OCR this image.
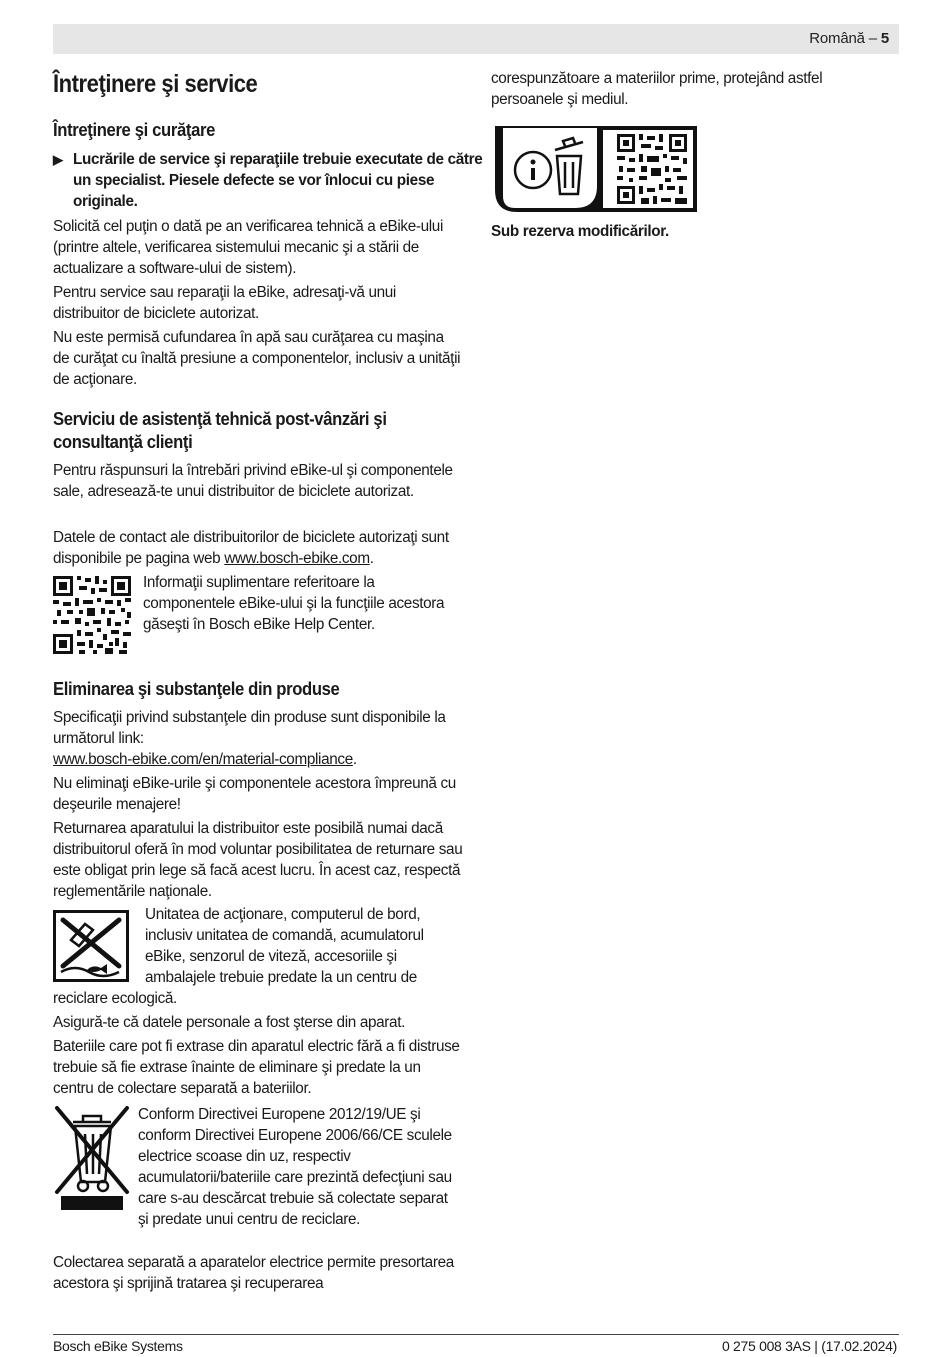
Română – 5
Întreţinere şi service
Întreţinere şi curăţare
▶ Lucrările de service şi reparaţiile trebuie executate de către un specialist. Piesele defecte se vor înlocui cu piese originale.

Solicită cel puţin o dată pe an verificarea tehnică a eBike-ului (printre altele, verificarea sistemului mecanic şi a stării de actualizare a software-ului de sistem).

Pentru service sau reparaţii la eBike, adresaţi-vă unui distribuitor de biciclete autorizat.

Nu este permisă cufundarea în apă sau curăţarea cu maşina de curăţat cu înaltă presiune a componentelor, inclusiv a unităţii de acţionare.

Serviciu de asistenţă tehnică post-vânzări şi
consultanţă clienţi

Pentru răspunsuri la întrebări privind eBike-ul şi componentele sale, adresează-te unui distribuitor de biciclete autorizat.

Datele de contact ale distribuitorilor de biciclete autorizaţi sunt disponibile pe pagina web www.bosch-ebike.com.

Informaţii suplimentare referitoare la componentele eBike-ului şi la funcţiile acestora găseşti în Bosch eBike Help Center.

Eliminarea şi substanţele din produse

Specificaţii privind substanţele din produse sunt disponibile la următorul link:
www.bosch-ebike.com/en/material-compliance.

Nu eliminaţi eBike-urile şi componentele acestora împreună cu deşeurile menajere!

Returnarea aparatului la distribuitor este posibilă numai dacă distribuitorul oferă în mod voluntar posibilitatea de returnare sau este obligat prin lege să facă acest lucru. În acest caz, respectă reglementările naţionale.

Unitatea de acţionare, computerul de bord, inclusiv unitatea de comandă, acumulatorul eBike, senzorul de viteză, accesoriile şi ambalajele trebuie predate la un centru de reciclare ecologică.

Asigură-te că datele personale a fost şterse din aparat.

Bateriile care pot fi extrase din aparatul electric fără a fi distruse trebuie să fie extrase înainte de eliminare şi predate la un centru de colectare separată a bateriilor.

Conform Directivei Europene 2012/19/UE şi conform Directivei Europene 2006/66/CE sculele electrice scoase din uz, respectiv acumulatorii/bateriile care prezintă defecţiuni sau care s-au descărcat trebuie să colectate separat şi predate unui centru de reciclare.

Colectarea separată a aparatelor electrice permite presortarea acestora şi sprijină tratarea şi recuperarea

corespunzătoare a materiilor prime, protejând astfel persoanele şi mediul.

Sub rezerva modificărilor.

Bosch eBike Systems	0 275 008 3AS | (17.02.2024)
